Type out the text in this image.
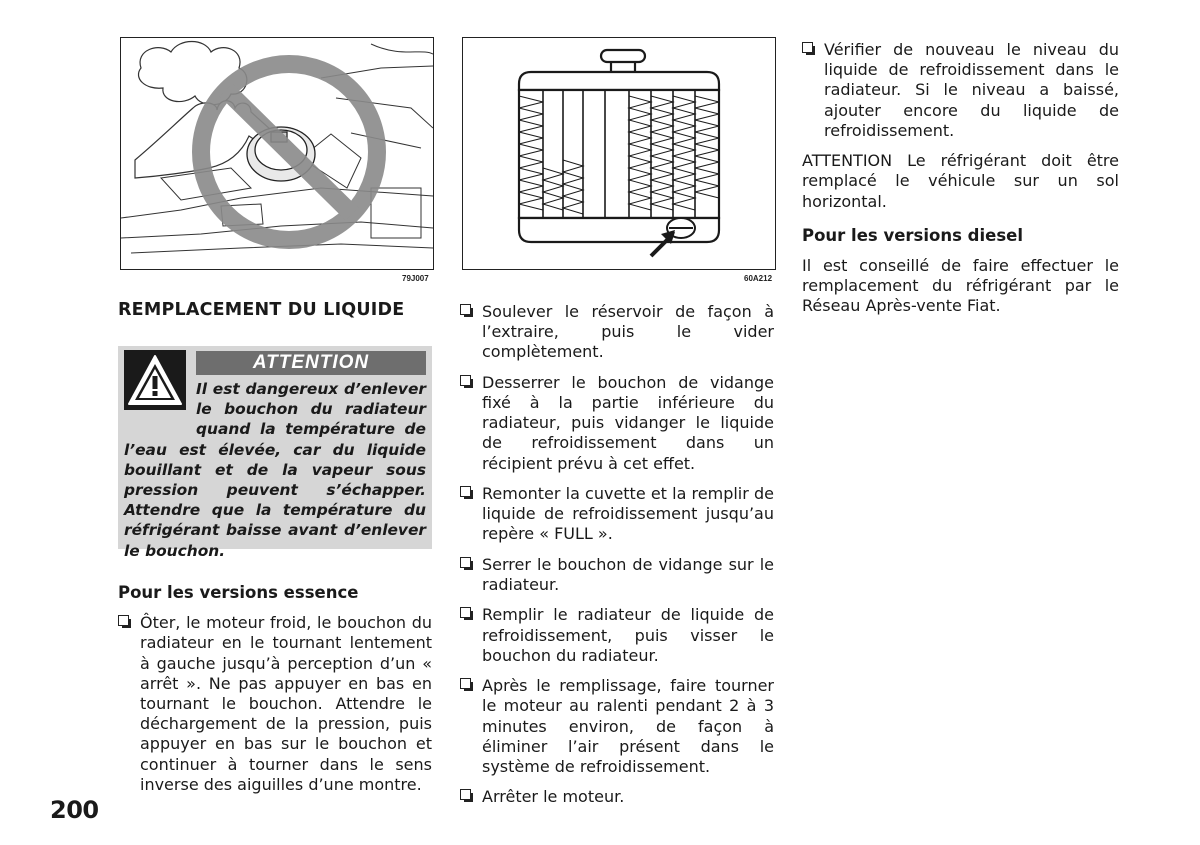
79J007	60A212
REMPLACEMENT DU LIQUIDE
ATTENTION
Il est dangereux d’enlever le bouchon du radiateur quand la température de l’eau est élevée, car du liquide bouillant et de la vapeur sous pression peuvent s’échapper. Attendre que la température du réfrigérant baisse avant d’enlever le bouchon.

Pour les versions essence

Ôter, le moteur froid, le bouchon du radiateur en le tournant lentement à gauche jusqu’à perception d’un « arrêt ». Ne pas appuyer en bas en tournant le bouchon. Attendre le déchargement de la pression, puis appuyer en bas sur le bouchon et continuer à tourner dans le sens inverse des aiguilles d’une montre.
Soulever le réservoir de façon à l’extraire, puis le vider complètement.
Desserrer le bouchon de vidange fixé à la partie inférieure du radiateur, puis vidanger le liquide de refroidissement dans un récipient prévu à cet effet.
Remonter la cuvette et la remplir de liquide de refroidissement jusqu’au repère « FULL ».
Serrer le bouchon de vidange sur le radiateur.
Remplir le radiateur de liquide de refroidissement, puis visser le bouchon du radiateur.
Après le remplissage, faire tourner le moteur au ralenti pendant 2 à 3 minutes environ, de façon à éliminer l’air présent dans le système de refroidissement.
Arrêter le moteur.
Vérifier de nouveau le niveau du liquide de refroidissement dans le radiateur. Si le niveau a baissé, ajouter encore du liquide de refroidissement.

ATTENTION Le réfrigérant doit être remplacé le véhicule sur un sol horizontal.

Pour les versions diesel

Il est conseillé de faire effectuer le remplacement du réfrigérant par le Réseau Après-vente Fiat.

200
